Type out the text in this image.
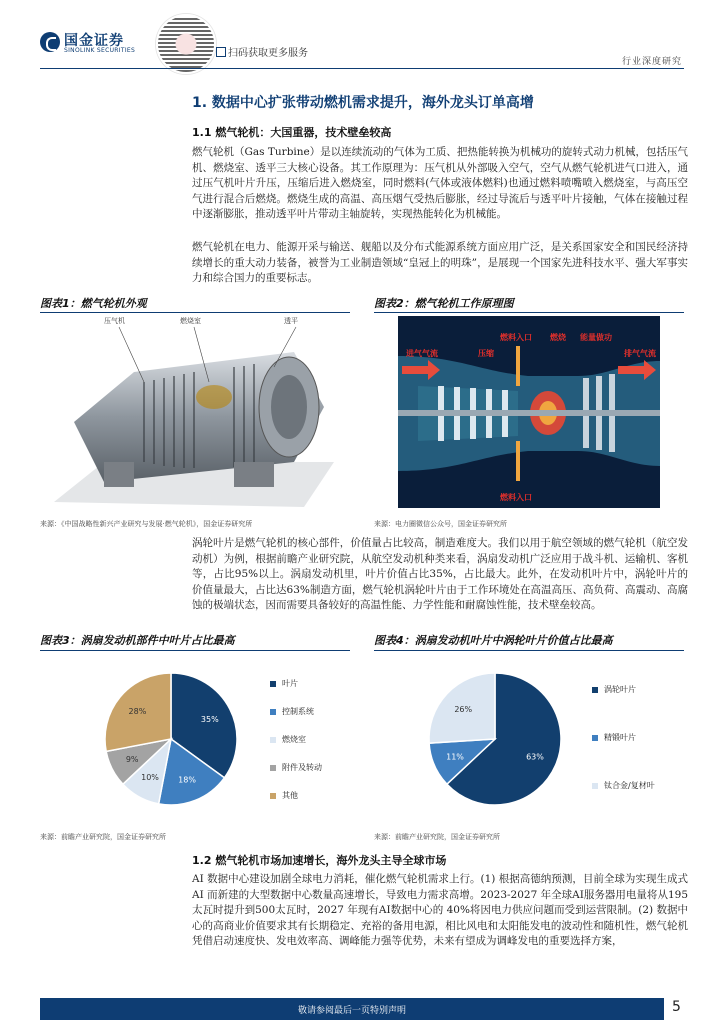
国金证券
SINOLINK SECURITIES	扫码获取更多服务
行业深度研究
1. 数据中心扩张带动燃机需求提升，海外龙头订单高增
1.1 燃气轮机：大国重器，技术壁垒较高
燃气轮机（Gas Turbine）是以连续流动的气体为工质、把热能转换为机械功的旋转式动力机械，包括压气机、燃烧室、透平三大核心设备。其工作原理为：压气机从外部吸入空气，空气从燃气轮机进气口进入，通过压气机叶片升压，压缩后进入燃烧室，同时燃料(气体或液体燃料)也通过燃料喷嘴喷入燃烧室，与高压空气进行混合后燃烧。燃烧生成的高温、高压烟气受热后膨胀，经过导流后与透平叶片接触，气体在接触过程中逐渐膨胀，推动透平叶片带动主轴旋转，实现热能转化为机械能。
燃气轮机在电力、能源开采与输送、舰船以及分布式能源系统方面应用广泛，是关系国家安全和国民经济持续增长的重大动力装备，被誉为工业制造领域“皇冠上的明珠”，是展现一个国家先进科技水平、强大军事实力和综合国力的重要标志。
图表1：燃气轮机外观	图表2：燃气轮机工作原理图
压气机	燃烧室	透平
进气气流	压缩
燃料入口 燃烧 能量做功
排气气流
燃料入口
来源：《中国战略性新兴产业研究与发展·燃气轮机》，国金证券研究所	来源：电力圈微信公众号，国金证券研究所
涡轮叶片是燃气轮机的核心部件，价值量占比较高，制造难度大。我们以用于航空领域的燃气轮机（航空发动机）为例，根据前瞻产业研究院，从航空发动机种类来看，涡扇发动机广泛应用于战斗机、运输机、客机等，占比95%以上。涡扇发动机里，叶片价值占比35%，占比最大。此外，在发动机叶片中，涡轮叶片的价值量最大，占比达63%制造方面，燃气轮机涡轮叶片由于工作环境处在高温高压、高负荷、高震动、高腐蚀的极端状态，因而需要具备较好的高温性能、力学性能和耐腐蚀性能，技术壁垒较高。
图表3：涡扇发动机部件中叶片占比最高	图表4：涡扇发动机叶片中涡轮叶片价值占比最高
35%
18%
10%
9%
28%
叶片
控制系统
燃烧室
附件及转动
其他
63%
11%
26%
涡轮叶片
精锻叶片
钛合金/复材叶
来源：前瞻产业研究院，国金证券研究所	来源：前瞻产业研究院，国金证券研究所
1.2 燃气轮机市场加速增长，海外龙头主导全球市场
AI 数据中心建设加剧全球电力消耗，催化燃气轮机需求上行。(1) 根据高德纳预测，目前全球为实现生成式 AI 而新建的大型数据中心数量高速增长，导致电力需求高增。2023-2027 年全球AI服务器用电量将从195太瓦时提升到500太瓦时，2027 年现有AI数据中心的 40%将因电力供应问题而受到运营限制。(2) 数据中心的高商业价值要求其有长期稳定、充裕的备用电源，相比风电和太阳能发电的波动性和随机性，燃气轮机凭借启动速度快、发电效率高、调峰能力强等优势，未来有望成为调峰发电的重要选择方案，
敬请参阅最后一页特别声明	5
